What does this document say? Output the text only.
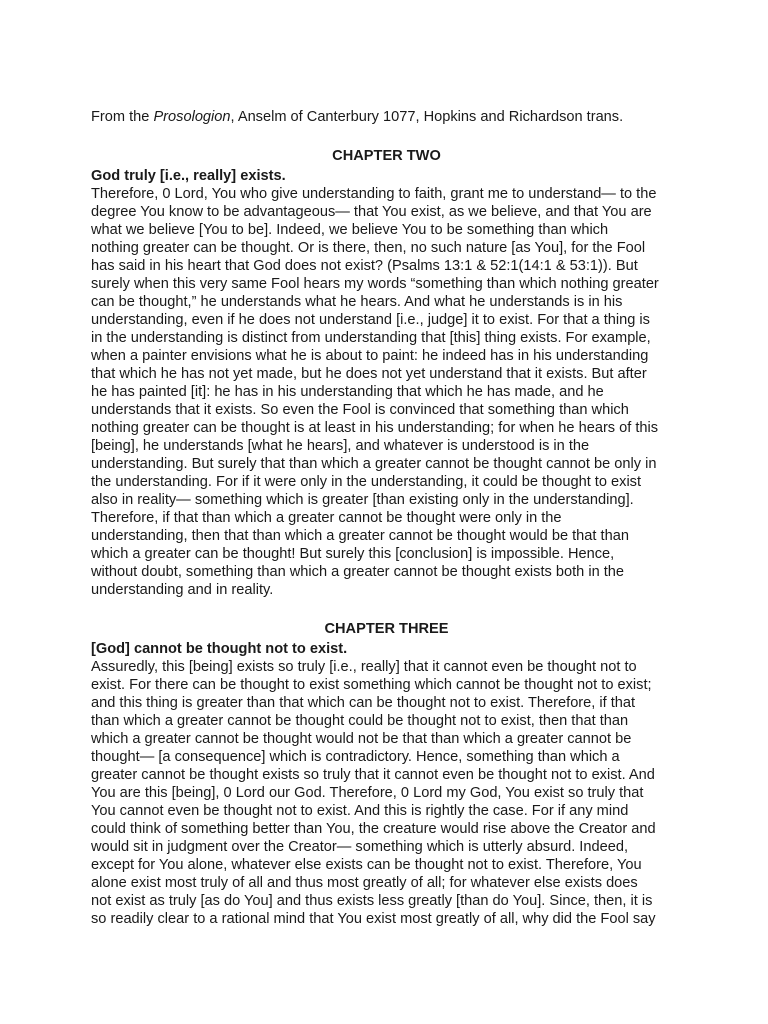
From the Prosologion, Anselm of Canterbury 1077, Hopkins and Richardson trans.

CHAPTER TWO
God truly [i.e., really] exists.
Therefore, 0 Lord, You who give understanding to faith, grant me to understand— to the
degree You know to be advantageous— that You exist, as we believe, and that You are
what we believe [You to be]. Indeed, we believe You to be something than which
nothing greater can be thought. Or is there, then, no such nature [as You], for the Fool
has said in his heart that God does not exist? (Psalms 13:1 & 52:1(14:1 & 53:1)). But
surely when this very same Fool hears my words “something than which nothing greater
can be thought,” he understands what he hears. And what he understands is in his
understanding, even if he does not understand [i.e., judge] it to exist. For that a thing is
in the understanding is distinct from understanding that [this] thing exists. For example,
when a painter envisions what he is about to paint: he indeed has in his understanding
that which he has not yet made, but he does not yet understand that it exists. But after
he has painted [it]: he has in his understanding that which he has made, and he
understands that it exists. So even the Fool is convinced that something than which
nothing greater can be thought is at least in his understanding; for when he hears of this
[being], he understands [what he hears], and whatever is understood is in the
understanding. But surely that than which a greater cannot be thought cannot be only in
the understanding. For if it were only in the understanding, it could be thought to exist
also in reality— something which is greater [than existing only in the understanding].
Therefore, if that than which a greater cannot be thought were only in the
understanding, then that than which a greater cannot be thought would be that than
which a greater can be thought! But surely this [conclusion] is impossible. Hence,
without doubt, something than which a greater cannot be thought exists both in the
understanding and in reality.
CHAPTER THREE
[God] cannot be thought not to exist.
Assuredly, this [being] exists so truly [i.e., really] that it cannot even be thought not to
exist. For there can be thought to exist something which cannot be thought not to exist;
and this thing is greater than that which can be thought not to exist. Therefore, if that
than which a greater cannot be thought could be thought not to exist, then that than
which a greater cannot be thought would not be that than which a greater cannot be
thought— [a consequence] which is contradictory. Hence, something than which a
greater cannot be thought exists so truly that it cannot even be thought not to exist. And
You are this [being], 0 Lord our God. Therefore, 0 Lord my God, You exist so truly that
You cannot even be thought not to exist. And this is rightly the case. For if any mind
could think of something better than You, the creature would rise above the Creator and
would sit in judgment over the Creator— something which is utterly absurd. Indeed,
except for You alone, whatever else exists can be thought not to exist. Therefore, You
alone exist most truly of all and thus most greatly of all; for whatever else exists does
not exist as truly [as do You] and thus exists less greatly [than do You]. Since, then, it is
so readily clear to a rational mind that You exist most greatly of all, why did the Fool say
